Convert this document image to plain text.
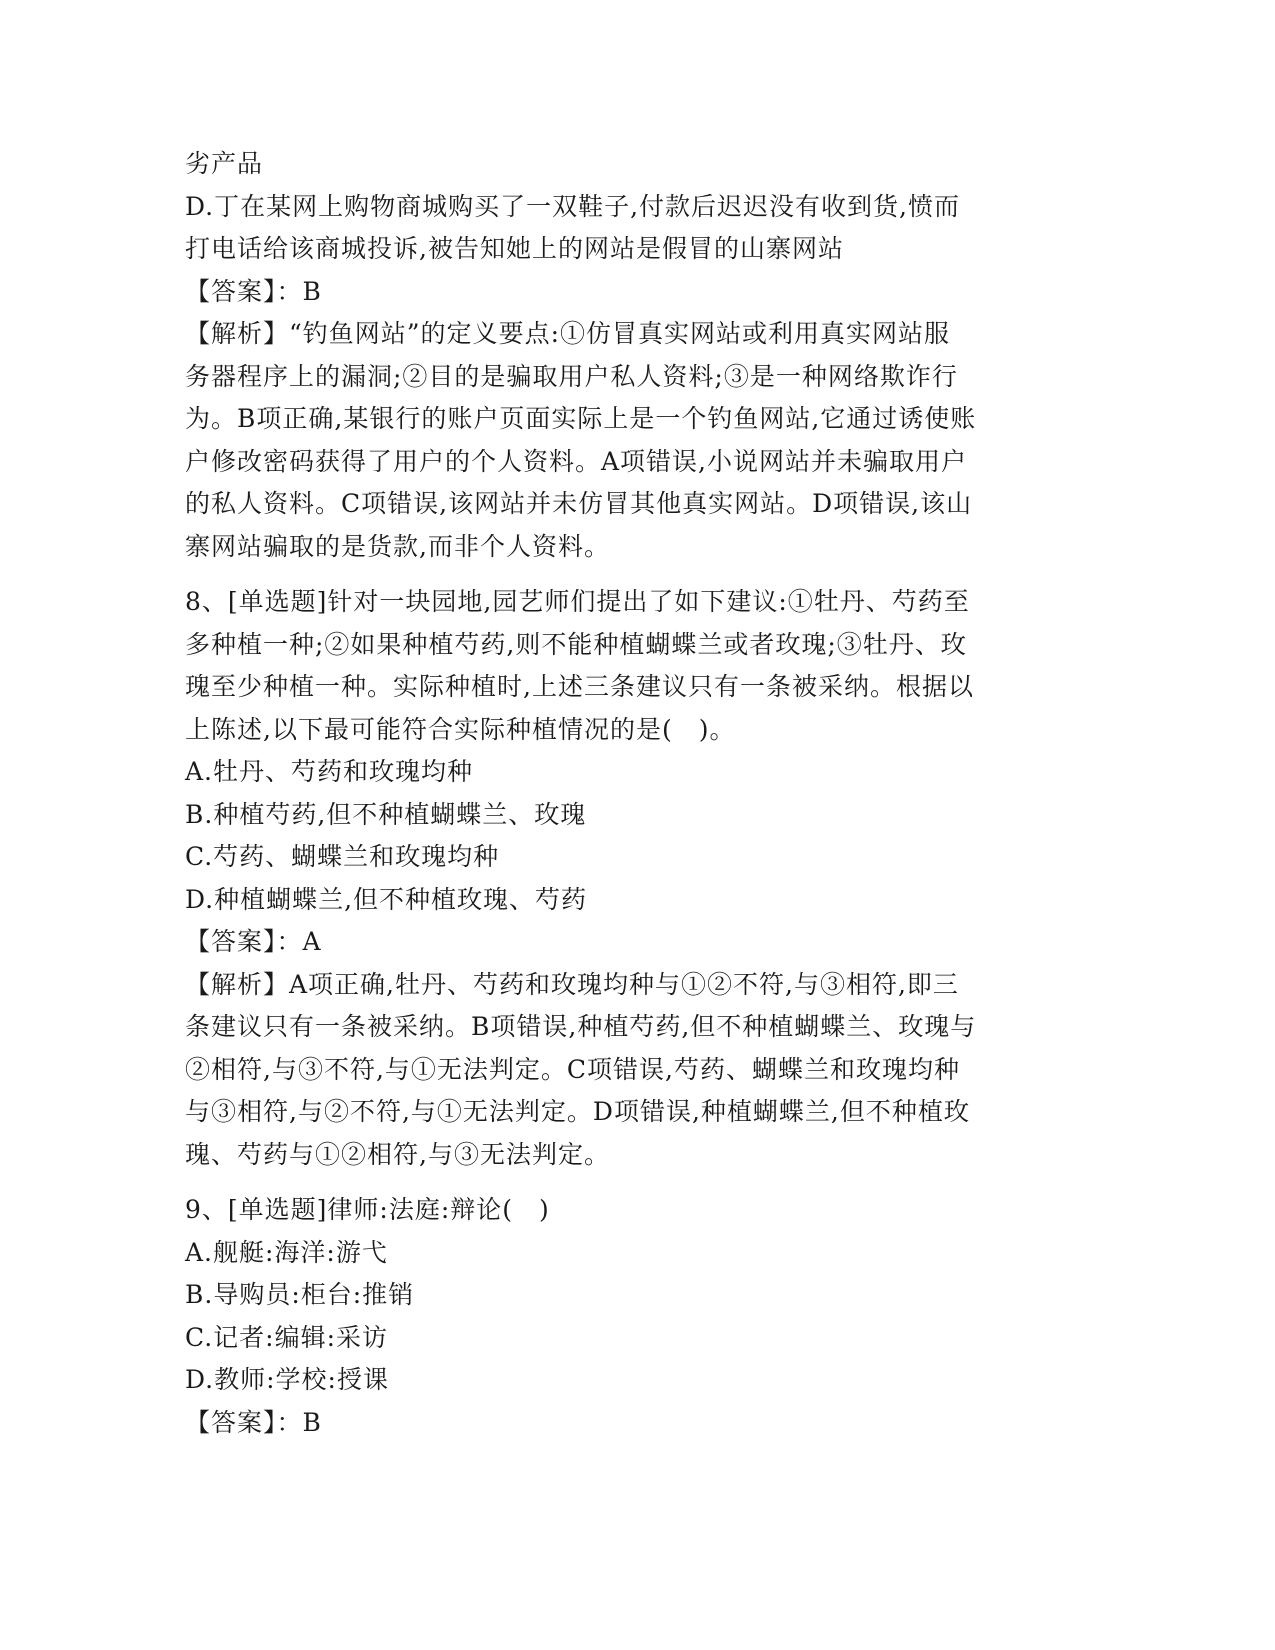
劣产品
D.丁在某网上购物商城购买了一双鞋子,付款后迟迟没有收到货,愤而
打电话给该商城投诉,被告知她上的网站是假冒的山寨网站
【答案】：B
【解析】“钓鱼网站”的定义要点:①仿冒真实网站或利用真实网站服
务器程序上的漏洞;②目的是骗取用户私人资料;③是一种网络欺诈行
为。B项正确,某银行的账户页面实际上是一个钓鱼网站,它通过诱使账
户修改密码获得了用户的个人资料。A项错误,小说网站并未骗取用户
的私人资料。C项错误,该网站并未仿冒其他真实网站。D项错误,该山
寨网站骗取的是货款,而非个人资料。
8、[单选题]针对一块园地,园艺师们提出了如下建议:①牡丹、芍药至
多种植一种;②如果种植芍药,则不能种植蝴蝶兰或者玫瑰;③牡丹、玫
瑰至少种植一种。实际种植时,上述三条建议只有一条被采纳。根据以
上陈述,以下最可能符合实际种植情况的是(　)。
A.牡丹、芍药和玫瑰均种
B.种植芍药,但不种植蝴蝶兰、玫瑰
C.芍药、蝴蝶兰和玫瑰均种
D.种植蝴蝶兰,但不种植玫瑰、芍药
【答案】：A
【解析】A项正确,牡丹、芍药和玫瑰均种与①②不符,与③相符,即三
条建议只有一条被采纳。B项错误,种植芍药,但不种植蝴蝶兰、玫瑰与
②相符,与③不符,与①无法判定。C项错误,芍药、蝴蝶兰和玫瑰均种
与③相符,与②不符,与①无法判定。D项错误,种植蝴蝶兰,但不种植玫
瑰、芍药与①②相符,与③无法判定。
9、[单选题]律师:法庭:辩论(　)
A.舰艇:海洋:游弋
B.导购员:柜台:推销
C.记者:编辑:采访
D.教师:学校:授课
【答案】：B
